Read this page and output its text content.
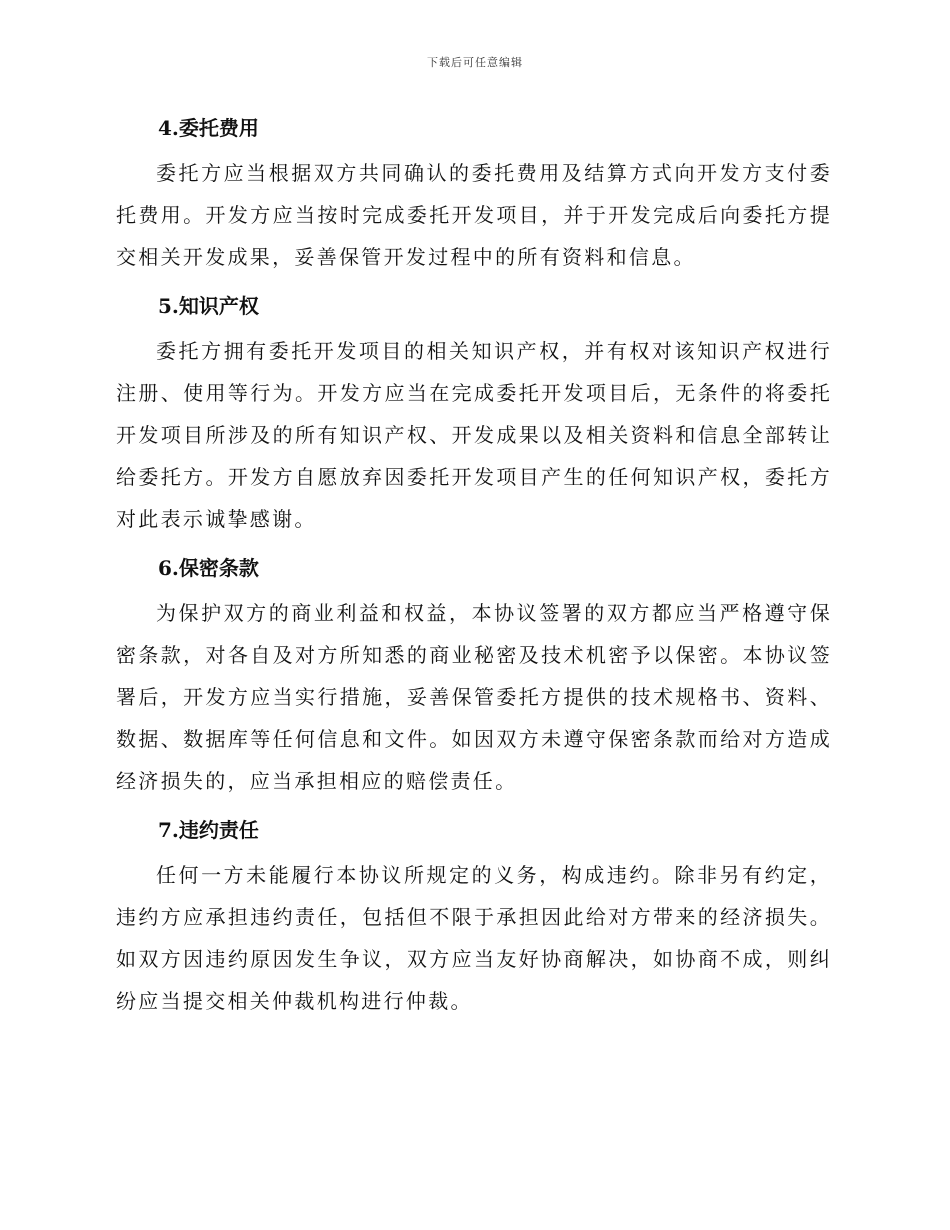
下载后可任意编辑
4.委托费用

委托方应当根据双方共同确认的委托费用及结算方式向开发方支付委托费用。开发方应当按时完成委托开发项目，并于开发完成后向委托方提交相关开发成果，妥善保管开发过程中的所有资料和信息。

5.知识产权

委托方拥有委托开发项目的相关知识产权，并有权对该知识产权进行注册、使用等行为。开发方应当在完成委托开发项目后，无条件的将委托开发项目所涉及的所有知识产权、开发成果以及相关资料和信息全部转让给委托方。开发方自愿放弃因委托开发项目产生的任何知识产权，委托方对此表示诚挚感谢。

6.保密条款

为保护双方的商业利益和权益，本协议签署的双方都应当严格遵守保密条款，对各自及对方所知悉的商业秘密及技术机密予以保密。本协议签署后，开发方应当实行措施，妥善保管委托方提供的技术规格书、资料、数据、数据库等任何信息和文件。如因双方未遵守保密条款而给对方造成经济损失的，应当承担相应的赔偿责任。

7.违约责任

任何一方未能履行本协议所规定的义务，构成违约。除非另有约定，违约方应承担违约责任，包括但不限于承担因此给对方带来的经济损失。如双方因违约原因发生争议，双方应当友好协商解决，如协商不成，则纠纷应当提交相关仲裁机构进行仲裁。
